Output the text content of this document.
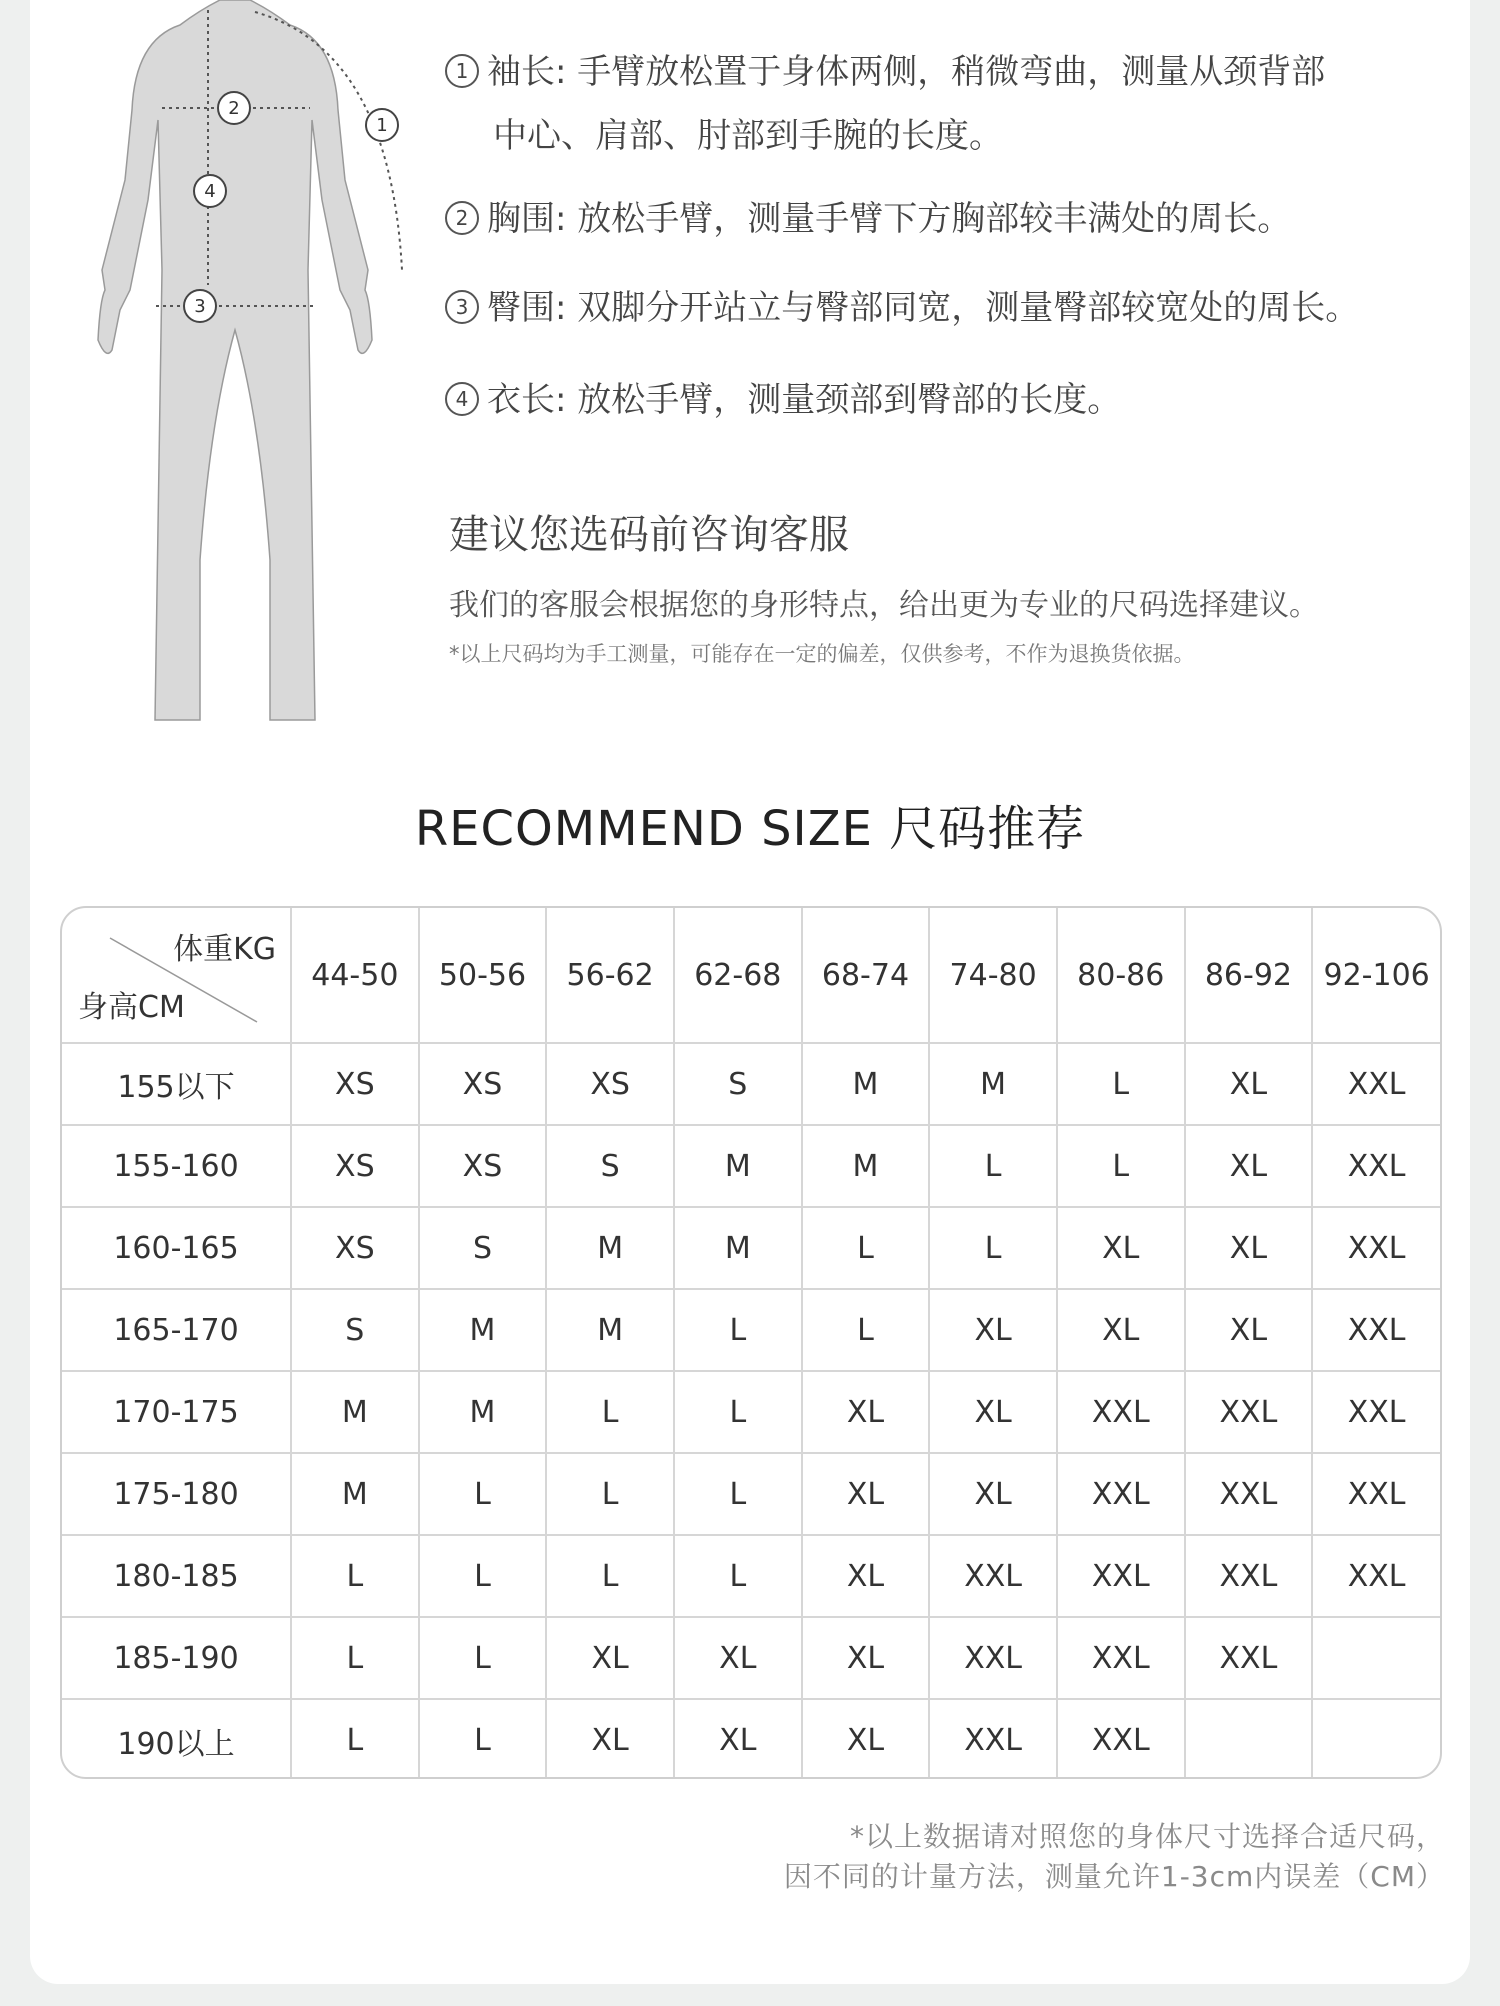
2
4
3
1
1 袖长: 手臂放松置于身体两侧，稍微弯曲，测量从颈背部
中心、肩部、肘部到手腕的长度。
2 胸围: 放松手臂，测量手臂下方胸部较丰满处的周长。
3 臀围: 双脚分开站立与臀部同宽，测量臀部较宽处的周长。
4 衣长: 放松手臂，测量颈部到臀部的长度。
建议您选码前咨询客服
我们的客服会根据您的身形特点，给出更为专业的尺码选择建议。
*以上尺码均为手工测量，可能存在一定的偏差，仅供参考，不作为退换货依据。
RECOMMEND SIZE 尺码推荐
体重KG
身高CM	44-50	50-56	56-62	62-68	68-74	74-80	80-86	86-92	92-106
155以下	XS	XS	XS	S	M	M	L	XL	XXL
155-160	XS	XS	S	M	M	L	L	XL	XXL
160-165	XS	S	M	M	L	L	XL	XL	XXL
165-170	S	M	M	L	L	XL	XL	XL	XXL
170-175	M	M	L	L	XL	XL	XXL	XXL	XXL
175-180	M	L	L	L	XL	XL	XXL	XXL	XXL
180-185	L	L	L	L	XL	XXL	XXL	XXL	XXL
185-190	L	L	XL	XL	XL	XXL	XXL	XXL	
190以上	L	L	XL	XL	XL	XXL	XXL		
*以上数据请对照您的身体尺寸选择合适尺码，
因不同的计量方法，测量允许1-3cm内误差（CM）
